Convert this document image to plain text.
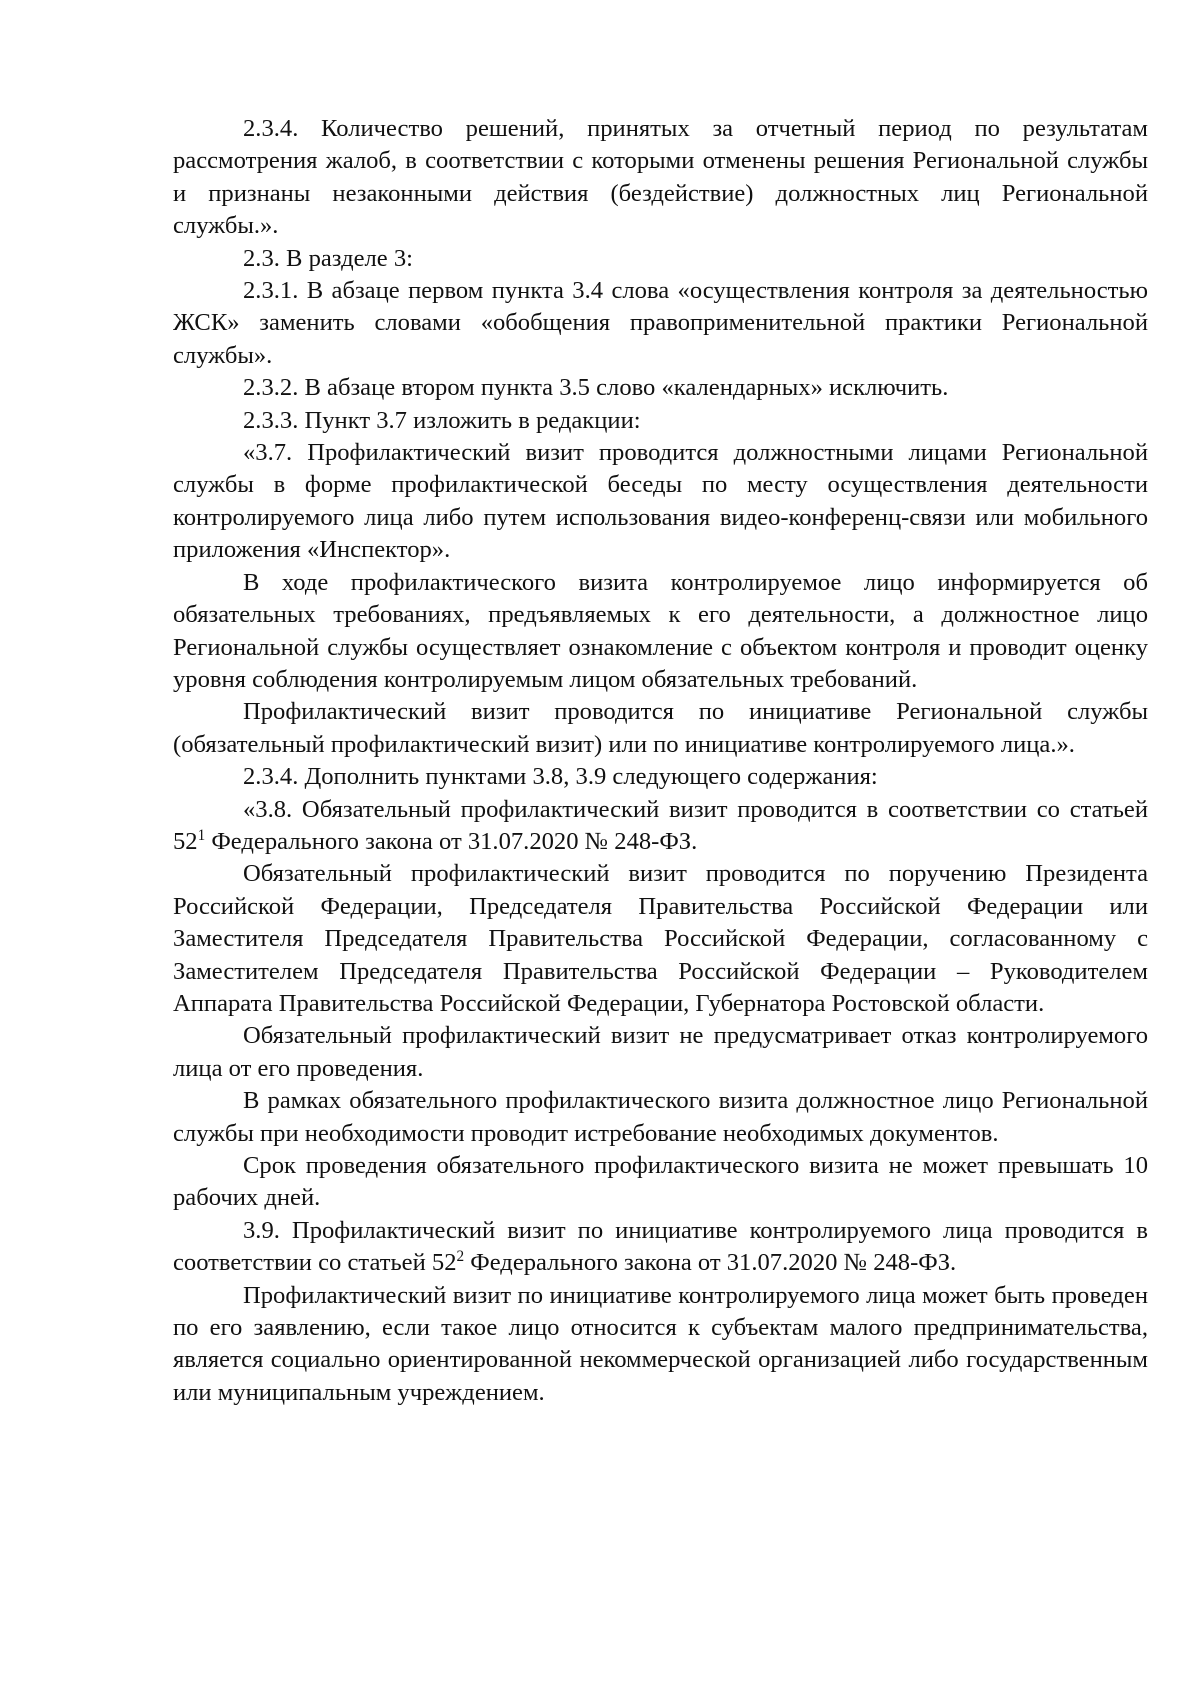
2.3.4. Количество решений, принятых за отчетный период по результатам рассмотрения жалоб, в соответствии с которыми отменены решения Региональной службы и признаны незаконными действия (бездействие) должностных лиц Региональной службы.».

2.3. В разделе 3:

2.3.1. В абзаце первом пункта 3.4 слова «осуществления контроля за деятельностью ЖСК» заменить словами «обобщения правоприменительной практики Региональной службы».

2.3.2. В абзаце втором пункта 3.5 слово «календарных» исключить.

2.3.3. Пункт 3.7 изложить в редакции:

«3.7. Профилактический визит проводится должностными лицами Региональной службы в форме профилактической беседы по месту осуществления деятельности контролируемого лица либо путем использования видео-конференц-связи или мобильного приложения «Инспектор».

В ходе профилактического визита контролируемое лицо информируется об обязательных требованиях, предъявляемых к его деятельности, а должностное лицо Региональной службы осуществляет ознакомление с объектом контроля и проводит оценку уровня соблюдения контролируемым лицом обязательных требований.

Профилактический визит проводится по инициативе Региональной службы (обязательный профилактический визит) или по инициативе контролируемого лица.».

2.3.4. Дополнить пунктами 3.8, 3.9 следующего содержания:

«3.8. Обязательный профилактический визит проводится в соответствии со статьей $52^1$ Федерального закона от 31.07.2020 № 248-ФЗ.

Обязательный профилактический визит проводится по поручению Президента Российской Федерации, Председателя Правительства Российской Федерации или Заместителя Председателя Правительства Российской Федерации, согласованному с Заместителем Председателя Правительства Российской Федерации – Руководителем Аппарата Правительства Российской Федерации, Губернатора Ростовской области.

Обязательный профилактический визит не предусматривает отказ контролируемого лица от его проведения.

В рамках обязательного профилактического визита должностное лицо Региональной службы при необходимости проводит истребование необходимых документов.

Срок проведения обязательного профилактического визита не может превышать 10 рабочих дней.

3.9. Профилактический визит по инициативе контролируемого лица проводится в соответствии со статьей $52^2$ Федерального закона от 31.07.2020 № 248-ФЗ.

Профилактический визит по инициативе контролируемого лица может быть проведен по его заявлению, если такое лицо относится к субъектам малого предпринимательства, является социально ориентированной некоммерческой организацией либо государственным или муниципальным учреждением.
